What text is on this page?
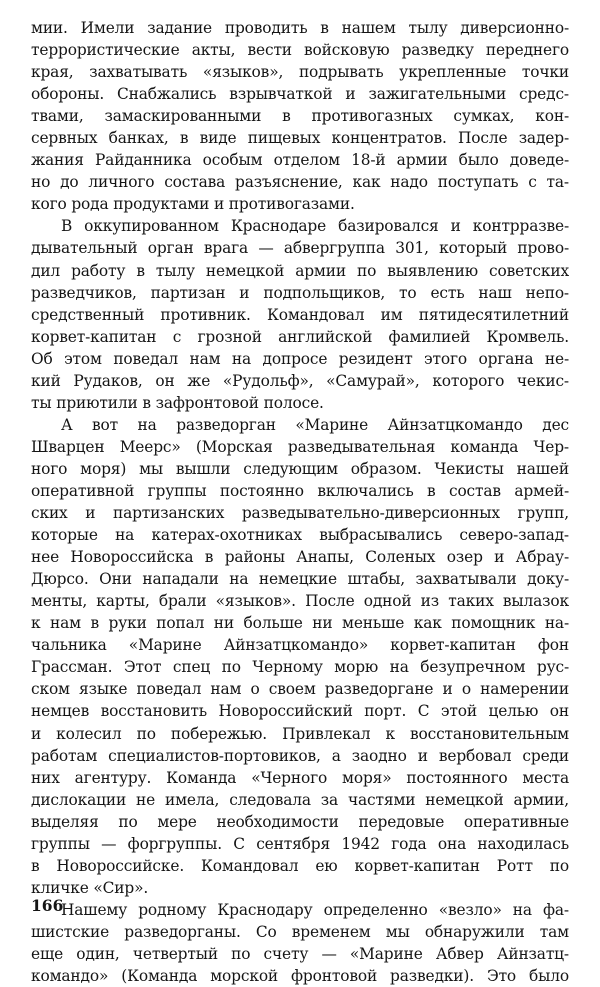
мии. Имели задание проводить в нашем тылу диверсионно-
террористические акты, вести войсковую разведку переднего
края, захватывать «языков», подрывать укрепленные точки
обороны. Снабжались взрывчаткой и зажигательными средс-
твами, замаскированными в противогазных сумках, кон-
сервных банках, в виде пищевых концентратов. После задер-
жания Райданника особым отделом 18-й армии было доведе-
но до личного состава разъяснение, как надо поступать с та-
кого рода продуктами и противогазами.
В оккупированном Краснодаре базировался и контрразве-
дывательный орган врага — абвергруппа 301, который прово-
дил работу в тылу немецкой армии по выявлению советских
разведчиков, партизан и подпольщиков, то есть наш непо-
средственный противник. Командовал им пятидесятилетний
корвет-капитан с грозной английской фамилией Кромвель.
Об этом поведал нам на допросе резидент этого органа не-
кий Рудаков, он же «Рудольф», «Самурай», которого чекис-
ты приютили в зафронтовой полосе.
А вот на разведорган «Марине Айнзатцкомандо дес
Шварцен Меерс» (Морская разведывательная команда Чер-
ного моря) мы вышли следующим образом. Чекисты нашей
оперативной группы постоянно включались в состав армей-
ских и партизанских разведывательно-диверсионных групп,
которые на катерах-охотниках выбрасывались северо-запад-
нее Новороссийска в районы Анапы, Соленых озер и Абрау-
Дюрсо. Они нападали на немецкие штабы, захватывали доку-
менты, карты, брали «языков». После одной из таких вылазок
к нам в руки попал ни больше ни меньше как помощник на-
чальника «Марине Айнзатцкомандо» корвет-капитан фон
Грассман. Этот спец по Черному морю на безупречном рус-
ском языке поведал нам о своем разведоргане и о намерении
немцев восстановить Новороссийский порт. С этой целью он
и колесил по побережью. Привлекал к восстановительным
работам специалистов-портовиков, а заодно и вербовал среди
них агентуру. Команда «Черного моря» постоянного места
дислокации не имела, следовала за частями немецкой армии,
выделяя по мере необходимости передовые оперативные
группы — форгруппы. С сентября 1942 года она находилась
в Новороссийске. Командовал ею корвет-капитан Ротт по
кличке «Сир».
Нашему родному Краснодару определенно «везло» на фа-
шистские разведорганы. Со временем мы обнаружили там
еще один, четвертый по счету — «Марине Абвер Айнзатц-
командо» (Команда морской фронтовой разведки). Это было
166
